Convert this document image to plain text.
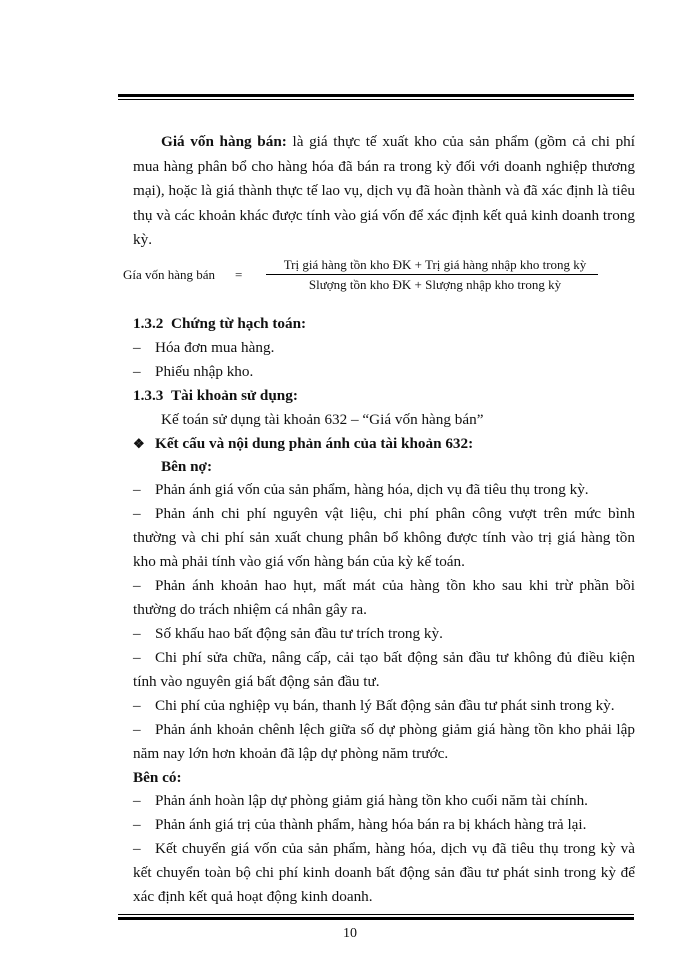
Giá vốn hàng bán: là giá thực tế xuất kho của sản phẩm (gồm cả chi phí mua hàng phân bổ cho hàng hóa đã bán ra trong kỳ đối với doanh nghiệp thương mại), hoặc là giá thành thực tế lao vụ, dịch vụ đã hoàn thành và đã xác định là tiêu thụ và các khoản khác được tính vào giá vốn để xác định kết quả kinh doanh trong kỳ.

Gía vốn hàng bán =
Trị giá hàng tồn kho ĐK + Trị giá hàng nhập kho trong kỳ
Slượng tồn kho ĐK + Slượng nhập kho trong kỳ
1.3.2 Chứng từ hạch toán:
– Hóa đơn mua hàng.
– Phiếu nhập kho.
1.3.3 Tài khoản sử dụng:
Kế toán sử dụng tài khoản 632 – “Giá vốn hàng bán”
❖ Kết cấu và nội dung phản ánh của tài khoản 632:
Bên nợ:
– Phản ánh giá vốn của sản phẩm, hàng hóa, dịch vụ đã tiêu thụ trong kỳ.
– Phản ánh chi phí nguyên vật liệu, chi phí phân công vượt trên mức bình thường và chi phí sản xuất chung phân bổ không được tính vào trị giá hàng tồn kho mà phải tính vào giá vốn hàng bán của kỳ kế toán.
– Phản ánh khoản hao hụt, mất mát của hàng tồn kho sau khi trừ phần bồi thường do trách nhiệm cá nhân gây ra.
– Số khấu hao bất động sản đầu tư trích trong kỳ.
– Chi phí sửa chữa, nâng cấp, cải tạo bất động sản đầu tư không đủ điều kiện tính vào nguyên giá bất động sản đầu tư.
– Chi phí của nghiệp vụ bán, thanh lý Bất động sản đầu tư phát sinh trong kỳ.
– Phản ánh khoản chênh lệch giữa số dự phòng giảm giá hàng tồn kho phải lập năm nay lớn hơn khoản đã lập dự phòng năm trước.
Bên có:
– Phản ánh hoàn lập dự phòng giảm giá hàng tồn kho cuối năm tài chính.
– Phản ánh giá trị của thành phẩm, hàng hóa bán ra bị khách hàng trả lại.
– Kết chuyển giá vốn của sản phẩm, hàng hóa, dịch vụ đã tiêu thụ trong kỳ và kết chuyển toàn bộ chi phí kinh doanh bất động sản đầu tư phát sinh trong kỳ để xác định kết quả hoạt động kinh doanh.
10
